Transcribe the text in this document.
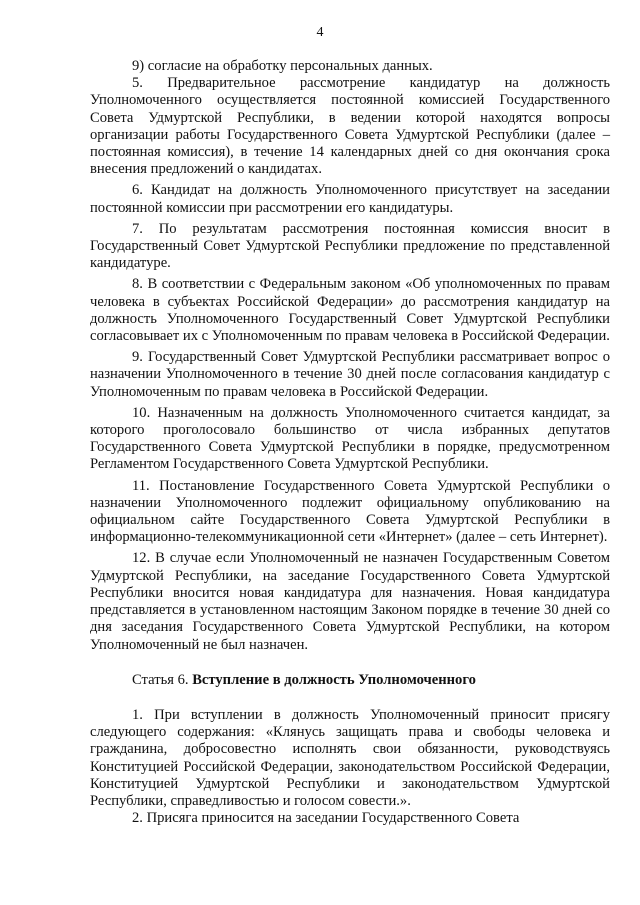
4

9) согласие на обработку персональных данных.

5. Предварительное рассмотрение кандидатур на должность Уполномоченного осуществляется постоянной комиссией Государственного Совета Удмуртской Республики, в ведении которой находятся вопросы организации работы Государственного Совета Удмуртской Республики (далее – постоянная комиссия), в течение 14 календарных дней со дня окончания срока внесения предложений о кандидатах.

6. Кандидат на должность Уполномоченного присутствует на заседании постоянной комиссии при рассмотрении его кандидатуры.

7. По результатам рассмотрения постоянная комиссия вносит в Государственный Совет Удмуртской Республики предложение по представленной кандидатуре.

8. В соответствии с Федеральным законом «Об уполномоченных по правам человека в субъектах Российской Федерации» до рассмотрения кандидатур на должность Уполномоченного Государственный Совет Удмуртской Республики согласовывает их с Уполномоченным по правам человека в Российской Федерации.

9. Государственный Совет Удмуртской Республики рассматривает вопрос о назначении Уполномоченного в течение 30 дней после согласования кандидатур с Уполномоченным по правам человека в Российской Федерации.

10. Назначенным на должность Уполномоченного считается кандидат, за которого проголосовало большинство от числа избранных депутатов Государственного Совета Удмуртской Республики в порядке, предусмотренном Регламентом Государственного Совета Удмуртской Республики.

11. Постановление Государственного Совета Удмуртской Республики о назначении Уполномоченного подлежит официальному опубликованию на официальном сайте Государственного Совета Удмуртской Республики в информационно-телекоммуникационной сети «Интернет» (далее – сеть Интернет).

12. В случае если Уполномоченный не назначен Государственным Советом Удмуртской Республики, на заседание Государственного Совета Удмуртской Республики вносится новая кандидатура для назначения. Новая кандидатура представляется в установленном настоящим Законом порядке в течение 30 дней со дня заседания Государственного Совета Удмуртской Республики, на котором Уполномоченный не был назначен.

Статья 6. Вступление в должность Уполномоченного

1. При вступлении в должность Уполномоченный приносит присягу следующего содержания: «Клянусь защищать права и свободы человека и гражданина, добросовестно исполнять свои обязанности, руководствуясь Конституцией Российской Федерации, законодательством Российской Федерации, Конституцией Удмуртской Республики и законодательством Удмуртской Республики, справедливостью и голосом совести.».

2. Присяга приносится на заседании Государственного Совета
